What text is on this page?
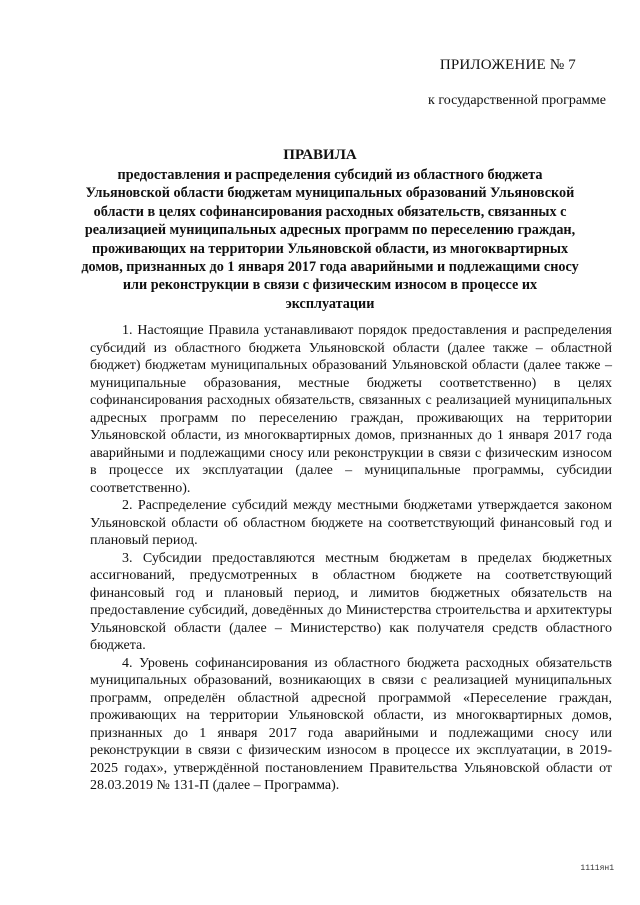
ПРИЛОЖЕНИЕ № 7
к государственной программе
ПРАВИЛА
предоставления и распределения субсидий из областного бюджета Ульяновской области бюджетам муниципальных образований Ульяновской области в целях софинансирования расходных обязательств, связанных с реализацией муниципальных адресных программ по переселению граждан, проживающих на территории Ульяновской области, из многоквартирных домов, признанных до 1 января 2017 года аварийными и подлежащими сносу или реконструкции в связи с физическим износом в процессе их эксплуатации

1. Настоящие Правила устанавливают порядок предоставления и распределения субсидий из областного бюджета Ульяновской области (далее также – областной бюджет) бюджетам муниципальных образований Ульяновской области (далее также – муниципальные образования, местные бюджеты соответственно) в целях софинансирования расходных обязательств, связанных с реализацией муниципальных адресных программ по переселению граждан, проживающих на территории Ульяновской области, из многоквартирных домов, признанных до 1 января 2017 года аварийными и подлежащими сносу или реконструкции в связи с физическим износом в процессе их эксплуатации (далее – муниципальные программы, субсидии соответственно).

2. Распределение субсидий между местными бюджетами утверждается законом Ульяновской области об областном бюджете на соответствующий финансовый год и плановый период.

3. Субсидии предоставляются местным бюджетам в пределах бюджетных ассигнований, предусмотренных в областном бюджете на соответствующий финансовый год и плановый период, и лимитов бюджетных обязательств на предоставление субсидий, доведённых до Министерства строительства и архитектуры Ульяновской области (далее – Министерство) как получателя средств областного бюджета.

4. Уровень софинансирования из областного бюджета расходных обязательств муниципальных образований, возникающих в связи с реализацией муниципальных программ, определён областной адресной программой «Переселение граждан, проживающих на территории Ульяновской области, из многоквартирных домов, признанных до 1 января 2017 года аварийными и подлежащими сносу или реконструкции в связи с физическим износом в процессе их эксплуатации, в 2019-2025 годах», утверждённой постановлением Правительства Ульяновской области от 28.03.2019 № 131-П (далее – Программа).

1111ян1
